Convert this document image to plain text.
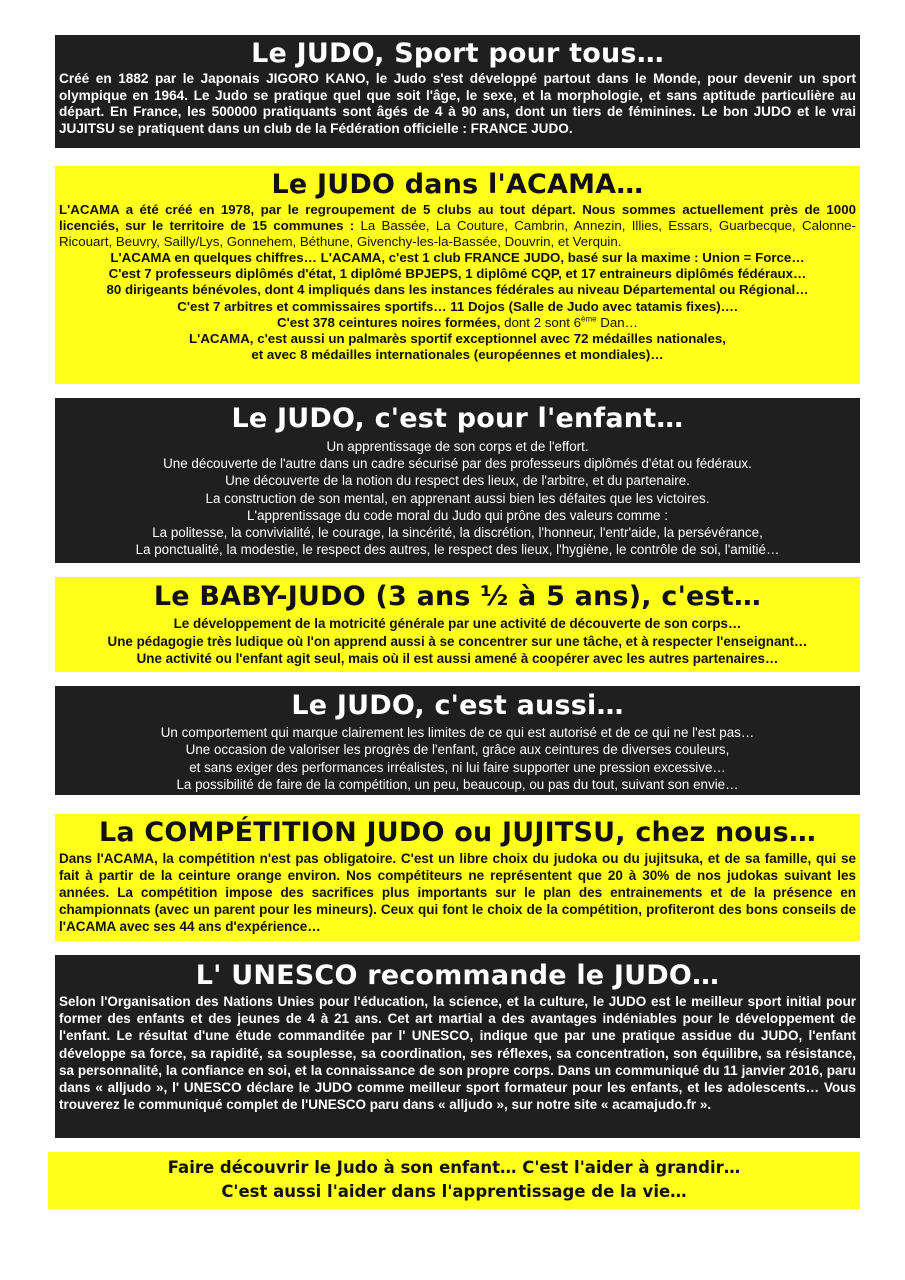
Le JUDO, Sport pour tous…

Créé en 1882 par le Japonais JIGORO KANO, le Judo s'est développé partout dans le Monde, pour devenir un sport olympique en 1964. Le Judo se pratique quel que soit l'âge, le sexe, et la morphologie, et sans aptitude particulière au départ. En France, les 500000 pratiquants sont âgés de 4 à 90 ans, dont un tiers de féminines. Le bon JUDO et le vrai JUJITSU se pratiquent dans un club de la Fédération officielle : FRANCE JUDO.

Le JUDO dans l'ACAMA…

L'ACAMA a été créé en 1978, par le regroupement de 5 clubs au tout départ. Nous sommes actuellement près de 1000 licenciés, sur le territoire de 15 communes : La Bassée, La Couture, Cambrin, Annezin, Illies, Essars, Guarbecque, Calonne-Ricouart, Beuvry, Sailly/Lys, Gonnehem, Béthune, Givenchy-les-la-Bassée, Douvrin, et Verquin.

L'ACAMA en quelques chiffres… L'ACAMA, c'est 1 club FRANCE JUDO, basé sur la maxime : Union = Force…
C'est 7 professeurs diplômés d'état, 1 diplômé BPJEPS, 1 diplômé CQP, et 17 entraineurs diplômés fédéraux…
80 dirigeants bénévoles, dont 4 impliqués dans les instances fédérales au niveau Départemental ou Régional…
C'est 7 arbitres et commissaires sportifs… 11 Dojos (Salle de Judo avec tatamis fixes)….
C'est 378 ceintures noires formées, dont 2 sont 6ème Dan…
L'ACAMA, c'est aussi un palmarès sportif exceptionnel avec 72 médailles nationales,
et avec 8 médailles internationales (européennes et mondiales)…
Le JUDO, c'est pour l'enfant…
Un apprentissage de son corps et de l'effort.
Une découverte de l'autre dans un cadre sécurisé par des professeurs diplômés d'état ou fédéraux.
Une découverte de la notion du respect des lieux, de l'arbitre, et du partenaire.
La construction de son mental, en apprenant aussi bien les défaites que les victoires.
L'apprentissage du code moral du Judo qui prône des valeurs comme :
La politesse, la convivialité, le courage, la sincérité, la discrétion, l'honneur, l'entr'aide, la persévérance,
La ponctualité, la modestie, le respect des autres, le respect des lieux, l'hygiène, le contrôle de soi, l'amitié…
Le BABY-JUDO (3 ans ½ à 5 ans), c'est…
Le développement de la motricité générale par une activité de découverte de son corps…
Une pédagogie très ludique où l'on apprend aussi à se concentrer sur une tâche, et à respecter l'enseignant…
Une activité ou l'enfant agit seul, mais où il est aussi amené à coopérer avec les autres partenaires…
Le JUDO, c'est aussi…
Un comportement qui marque clairement les limites de ce qui est autorisé et de ce qui ne l'est pas…
Une occasion de valoriser les progrès de l'enfant, grâce aux ceintures de diverses couleurs,
et sans exiger des performances irréalistes, ni lui faire supporter une pression excessive…
La possibilité de faire de la compétition, un peu, beaucoup, ou pas du tout, suivant son envie…
La COMPÉTITION JUDO ou JUJITSU, chez nous…

Dans l'ACAMA, la compétition n'est pas obligatoire. C'est un libre choix du judoka ou du jujitsuka, et de sa famille, qui se fait à partir de la ceinture orange environ. Nos compétiteurs ne représentent que 20 à 30% de nos judokas suivant les années. La compétition impose des sacrifices plus importants sur le plan des entrainements et de la présence en championnats (avec un parent pour les mineurs). Ceux qui font le choix de la compétition, profiteront des bons conseils de l'ACAMA avec ses 44 ans d'expérience…

L' UNESCO recommande le JUDO…

Selon l'Organisation des Nations Unies pour l'éducation, la science, et la culture, le JUDO est le meilleur sport initial pour former des enfants et des jeunes de 4 à 21 ans. Cet art martial a des avantages indéniables pour le développement de l'enfant. Le résultat d'une étude commanditée par l' UNESCO, indique que par une pratique assidue du JUDO, l'enfant développe sa force, sa rapidité, sa souplesse, sa coordination, ses réflexes, sa concentration, son équilibre, sa résistance, sa personnalité, la confiance en soi, et la connaissance de son propre corps. Dans un communiqué du 11 janvier 2016, paru dans « alljudo », l' UNESCO déclare le JUDO comme meilleur sport formateur pour les enfants, et les adolescents… Vous trouverez le communiqué complet de l'UNESCO paru dans « alljudo », sur notre site « acamajudo.fr ».

Faire découvrir le Judo à son enfant… C'est l'aider à grandir…
C'est aussi l'aider dans l'apprentissage de la vie…
